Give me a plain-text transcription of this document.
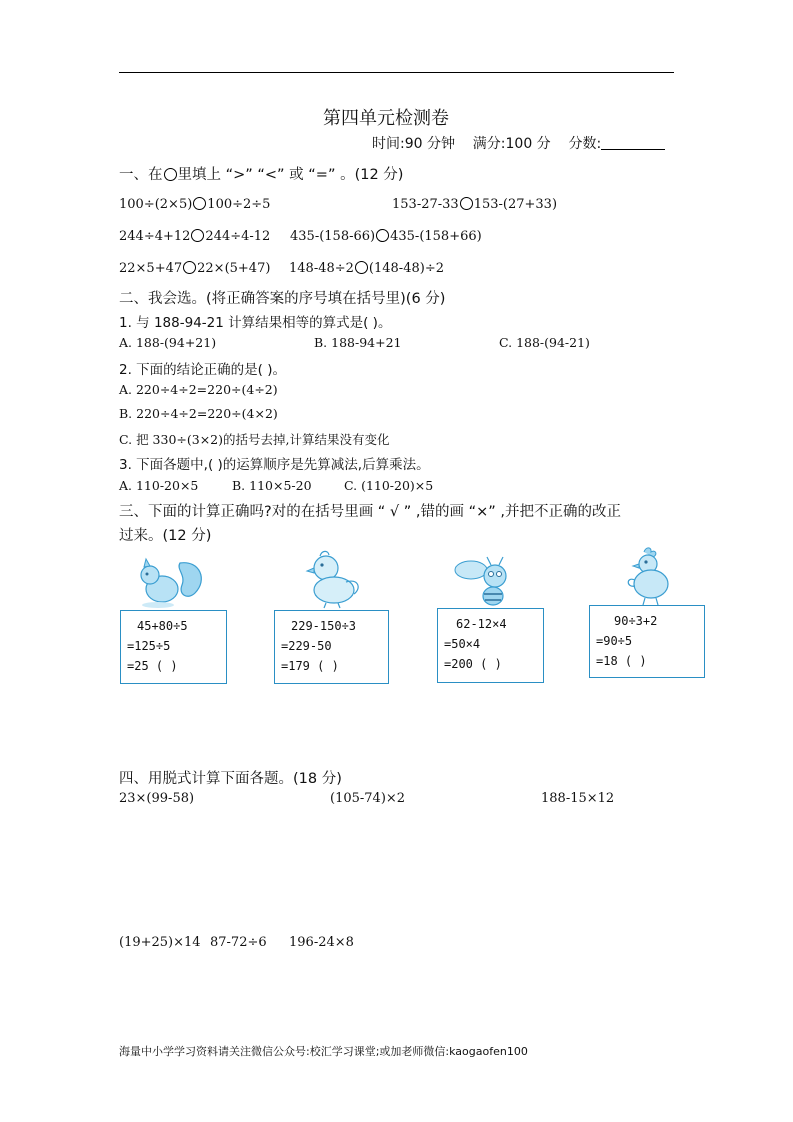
第四单元检测卷
时间:90 分钟 满分:100 分 分数:
一、在 里填上 “>” “<” 或 “=” 。(12 分)
100÷(2×5) 100÷2÷5	153-27-33 153-(27+33)
244÷4+12 244÷4-12 435-(158-66) 435-(158+66)
22×5+47 22×(5+47) 148-48÷2 (148-48)÷2
二、我会选。(将正确答案的序号填在括号里)(6 分)
1. 与 188-94-21 计算结果相等的算式是( )。
A. 188-(94+21)	B. 188-94+21	C. 188-(94-21)
2. 下面的结论正确的是( )。
A. 220÷4÷2=220÷(4÷2)
B. 220÷4÷2=220÷(4×2)
C. 把 330÷(3×2)的括号去掉,计算结果没有变化
3. 下面各题中,( )的运算顺序是先算减法,后算乘法。
A. 110-20×5	B. 110×5-20	C. (110-20)×5
三、下面的计算正确吗?对的在括号里画 “ √ ” ,错的画 “×” ,并把不正确的改正
过来。(12 分)
45+80÷5
=125÷5
=25 ( )
229-150÷3
=229-50
=179 ( )
62-12×4
=50×4
=200 ( )
90÷3+2
=90÷5
=18 ( )
四、用脱式计算下面各题。(18 分)
23×(99-58)	(105-74)×2	188-15×12
(19+25)×14 87-72÷6 196-24×8
海量中小学学习资料请关注微信公众号:校汇学习课堂;或加老师微信:kaogaofen100
